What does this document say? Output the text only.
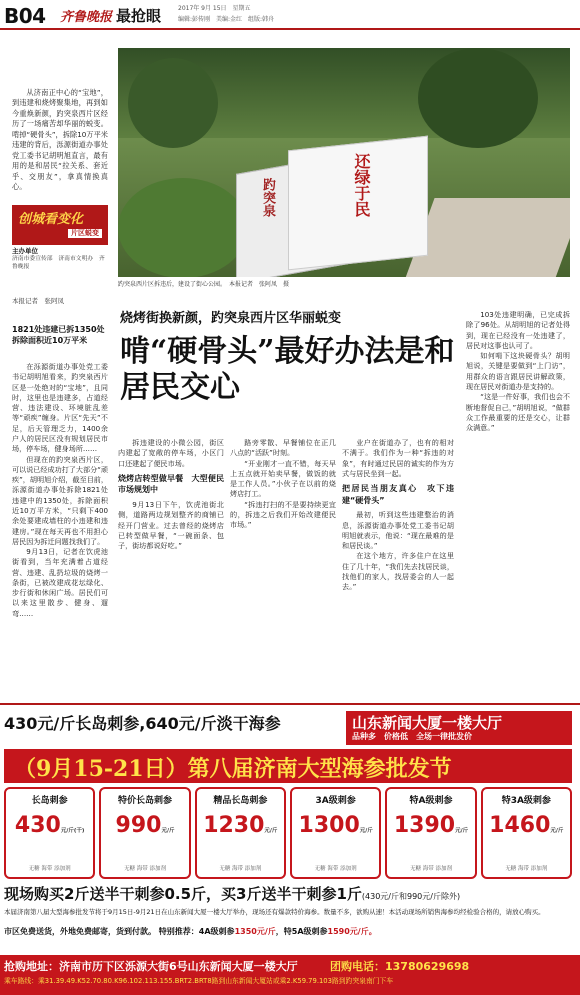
B04 齐鲁晚报 最抢眼	2017年 9月 15日　星期五
编辑:彭传刚　美编:金红　组版:韩舟
从济南正中心的“宝地”，到违建和烧烤聚集地，再到如今重焕新颜，趵突泉西片区经历了一场痛苦却华丽的蜕变。啃掉“硬骨头”，拆除10万平米违建的背后，泺源街道办事处党工委书记胡明旭直言，最有用的是和居民“拉关系、套近乎、交朋友”，拿真情换真心。
创城看变化
片区蜕变
主办单位
济南市委宣传部　济南市文明办　齐鲁晚报
还绿于民
趵突泉
趵突泉西片区拆违后，建设了街心公园。　本报记者　张阿凤　摄
本报记者　张阿凤
1821处违建已拆1350处　拆除面积近10万平米
烧烤街换新颜，趵突泉西片区华丽蜕变
啃“硬骨头”最好办法是和居民交心

在泺源街道办事处党工委书记胡明旭看来，趵突泉西片区是一处绝对的“宝地”，且同时，这里也是违建多，占道经营、违法建设、环境脏乱差等“顽疾”缠身。片区“先天”不足，后天管理乏力，1400余户人的居民区没有规划居民市场，停车场，健身场所……

但现在的趵突泉西片区，可以说已经成功打了大部分“顽疾”，胡明旭介绍，截至目前，泺源街道办事处拆除1821处违建中的1350处，拆除面积近10万平方米，“只剩下400余处要建成墙柱的小违建和违建房。”现在每天再也不用担心居民因为拆迁问题找我们了。

9月13日，记者在饮虎池街看到，当年充满着占道经营、违建、乱扔垃圾的烧烤一条街，已被改建成花坛绿化、步行街和休闲广场。居民们可以来这里散步、健身、遛弯……

拆违建设的小微公园，街区内建起了宽敞的停车场，小区门口还建起了便民市场。

烧烤店转型做早餐　大型便民市场规划中

9月13日下午，饮虎池街北侧，道路两边规划整齐的商铺已经开门营业。过去曾经的烧烤店已转型做早餐，“一碗面条、包子，街坊都说好吃。”

路旁零散、早餐铺位在正几八点的“活跃”时刻。

“开业刚才一直不错，每天早上五点就开始卖早餐，做饭的就是工作人员。”小伙子在以前的烧烤店打工。

“拆违打扫的不是要持续更宜的，拆违之后我们开始改建便民市场。”

业户在街道办了，也有的相对不满于。我们作为一种“拆违的对象”，有时通过民居的诚实的作为方式与居民坐到一起。

把居民当朋友真心　攻下违建“硬骨头”

最初，听到这些违建整治的消息，泺源街道办事处党工委书记胡明旭就表示，他说：“现在最难的是和居民谈。”

在这个地方，许多住户在这里住了几十年，“我们先去找居民谈，找他们的家人，找居委会的人一起去。”

103处违建明确，已完成拆除了96处。从胡明旭的记者处得到，现在已经没有一处违建了，居民对这事也认可了。

如何啃下这块硬骨头？胡明旭说，关键是要做到“上门访”，用群众的语言跟居民讲解政策，现在居民对街道办是支持的。

“这是一件好事，我们也会不断地督促自己，”胡明旭说，“做群众工作最重要的还是交心，让群众满意。”

430元/斤长岛刺参,640元/斤淡干海参	山东新闻大厦一楼大厅
品种多　价格低　全场一律批发价
（9月15-21日）第八届济南大型海参批发节
长岛刺参
430元/斤(干)
无糖 海带 添加剂
特价长岛刺参
990元/斤
无糖 海带 添加剂
精品长岛刺参
1230元/斤
无糖 海带 添加剂
3A级刺参
1300元/斤
无糖 海带 添加剂
特A级刺参
1390元/斤
无糖 海带 添加剂
特3A级刺参
1460元/斤
无糖 海带 添加剂
现场购买2斤送半干刺参0.5斤，买3斤送半干刺参1斤(430元/斤和990元/斤除外)
本届济南第八届大型海参批发节将于9月15日-9月21日在山东新闻大厦一楼大厅举办，现场还有爆款特价海参。数量不多，欲购从速！本活动现场所销售海参均经检验合格的，请放心购买。
市区免费送货，外地免费邮寄，货到付款。 特别推荐：4A级刺参1350元/斤，特5A级刺参1590元/斤。
抢购地址：济南市历下区泺源大街6号山东新闻大厦一楼大厅	团购电话：13780629698
乘车路线：乘31.39.49.K52.70.80.K96.102.113.155.BRT2.BRT8路到山东新闻大厦站或乘2.K59.79.103路到趵突泉南门下车
